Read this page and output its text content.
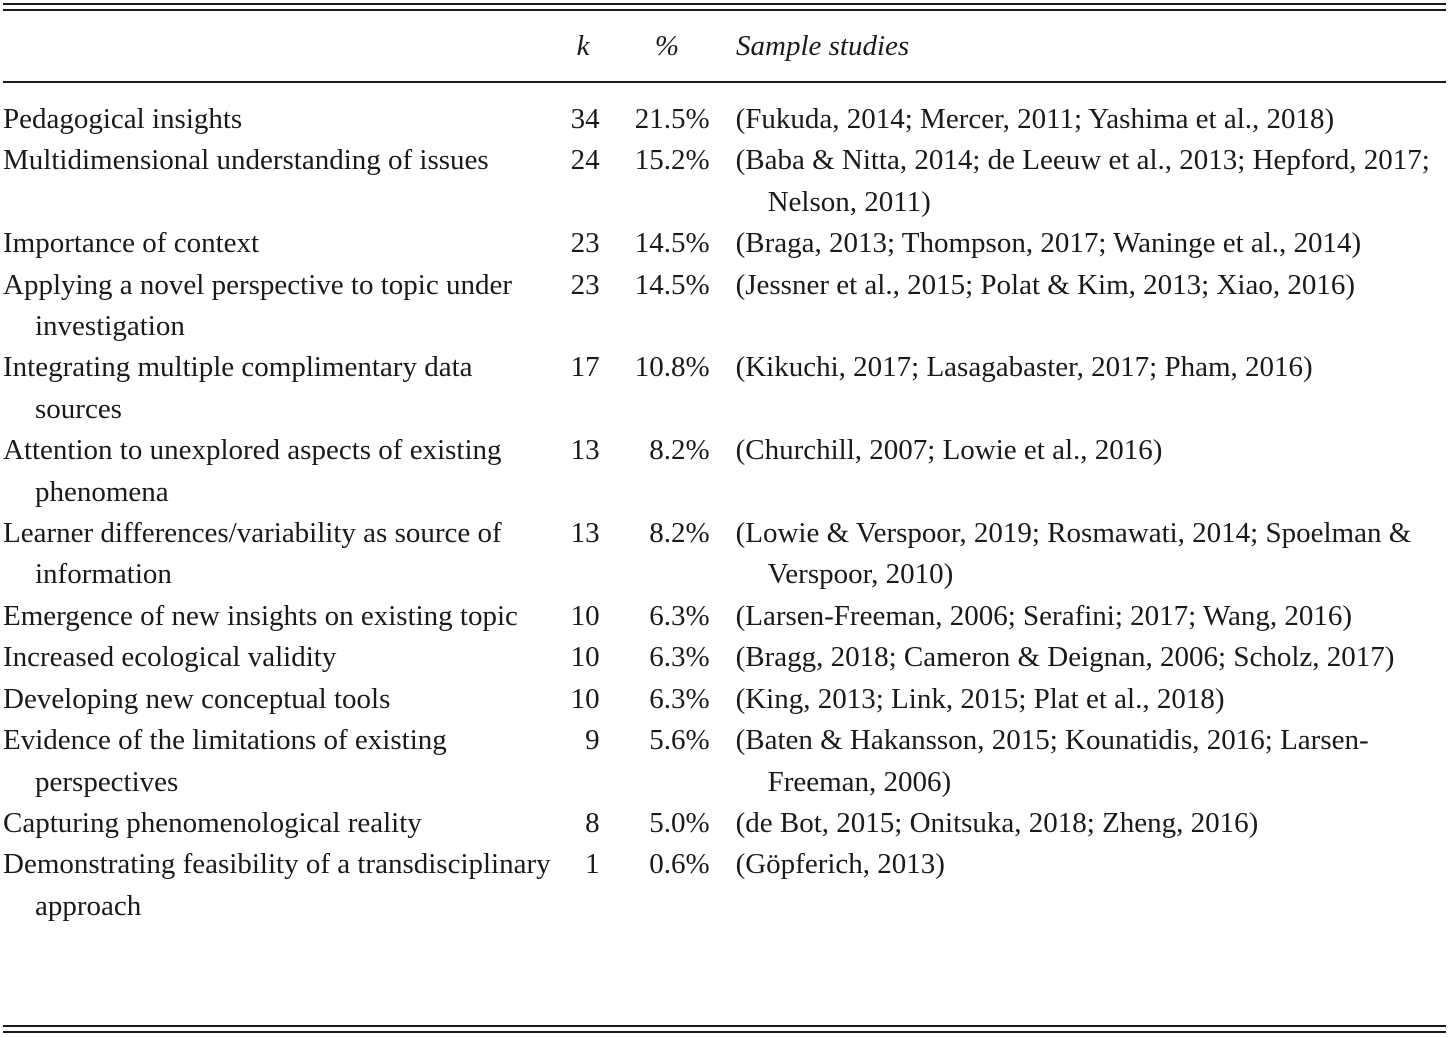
k % Sample studies
Pedagogical insights	34	21.5%		(Fukuda, 2014; Mercer, 2011; Yashima et al., 2018)

Multidimensional understanding of issues	24	15.2%		(Baba & Nitta, 2014; de Leeuw et al., 2013; Hepford, 2017; Nelson, 2011)

Importance of context	23	14.5%		(Braga, 2013; Thompson, 2017; Waninge et al., 2014)

Applying a novel perspective to topic under investigation	23	14.5%		(Jessner et al., 2015; Polat & Kim, 2013; Xiao, 2016)

Integrating multiple complimentary data sources	17	10.8%		(Kikuchi, 2017; Lasagabaster, 2017; Pham, 2016)

Attention to unexplored aspects of existing phenomena	13	8.2%		(Churchill, 2007; Lowie et al., 2016)

Learner differences/variability as source of information	13	8.2%		(Lowie & Verspoor, 2019; Rosmawati, 2014; Spoelman & Verspoor, 2010)

Emergence of new insights on existing topic	10	6.3%		(Larsen-Freeman, 2006; Serafini; 2017; Wang, 2016)

Increased ecological validity	10	6.3%		(Bragg, 2018; Cameron & Deignan, 2006; Scholz, 2017)

Developing new conceptual tools	10	6.3%		(King, 2013; Link, 2015; Plat et al., 2018)

Evidence of the limitations of existing perspectives	9	5.6%		(Baten & Hakansson, 2015; Kounatidis, 2016; Larsen-Freeman, 2006)

Capturing phenomenological reality	8	5.0%		(de Bot, 2015; Onitsuka, 2018; Zheng, 2016)

Demonstrating feasibility of a transdisciplinary approach	1	0.6%		(Göpferich, 2013)
